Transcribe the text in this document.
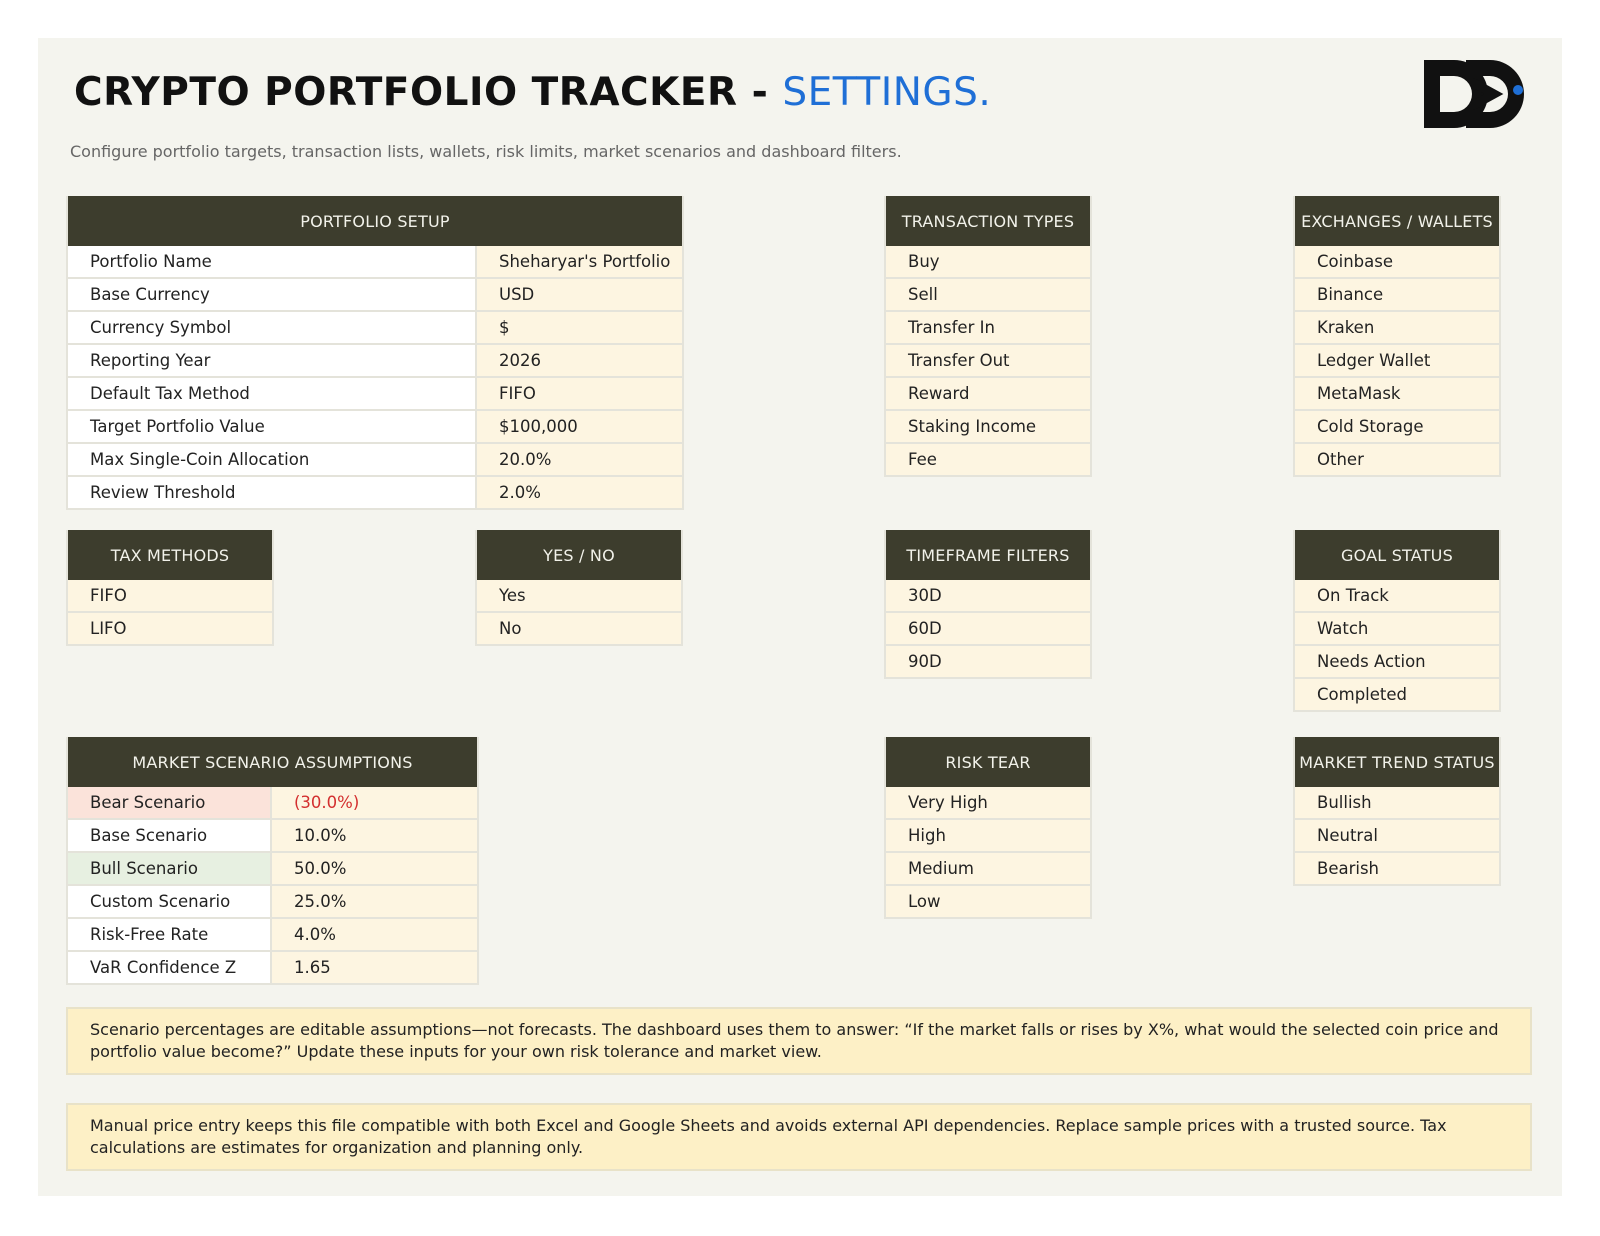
CRYPTO PORTFOLIO TRACKER - SETTINGS.
Configure portfolio targets, transaction lists, wallets, risk limits, market scenarios and dashboard filters.
PORTFOLIO SETUP
Portfolio Name	Sheharyar's Portfolio
Base Currency	USD
Currency Symbol	$
Reporting Year	2026
Default Tax Method	FIFO
Target Portfolio Value	$100,000
Max Single-Coin Allocation	20.0%
Review Threshold	2.0%
TRANSACTION TYPES
Buy
Sell
Transfer In
Transfer Out
Reward
Staking Income
Fee
EXCHANGES / WALLETS
Coinbase
Binance
Kraken
Ledger Wallet
MetaMask
Cold Storage
Other
TAX METHODS
FIFO
LIFO
YES / NO
Yes
No
TIMEFRAME FILTERS
30D
60D
90D
GOAL STATUS
On Track
Watch
Needs Action
Completed
MARKET SCENARIO ASSUMPTIONS
Bear Scenario	(30.0%)
Base Scenario	10.0%
Bull Scenario	50.0%
Custom Scenario	25.0%
Risk-Free Rate	4.0%
VaR Confidence Z	1.65
RISK TEAR
Very High
High
Medium
Low
MARKET TREND STATUS
Bullish
Neutral
Bearish
Scenario percentages are editable assumptions—not forecasts. The dashboard uses them to answer: “If the market falls or rises by X%, what would the selected coin price and portfolio value become?” Update these inputs for your own risk tolerance and market view.
Manual price entry keeps this file compatible with both Excel and Google Sheets and avoids external API dependencies. Replace sample prices with a trusted source. Tax calculations are estimates for organization and planning only.
